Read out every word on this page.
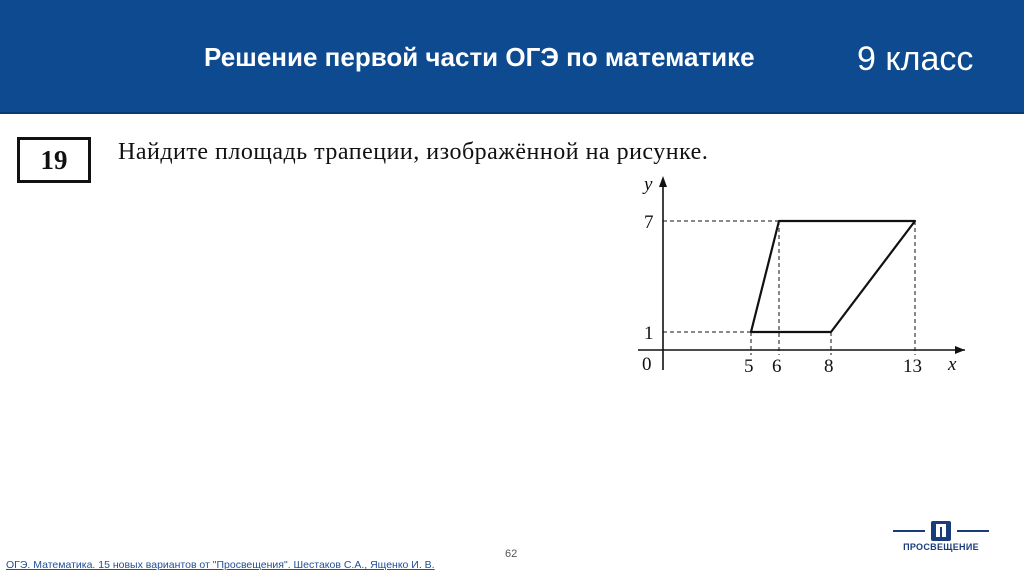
Решение первой части ОГЭ по математике	9 класс
19	Найдите площадь трапеции, изображённой на рисунке.
y
x
0
7
1
5 6 8	13
62
ОГЭ. Математика. 15 новых вариантов от "Просвещения". Шестаков С.А., Ященко И. В.
ПРОСВЕЩЕНИЕ
